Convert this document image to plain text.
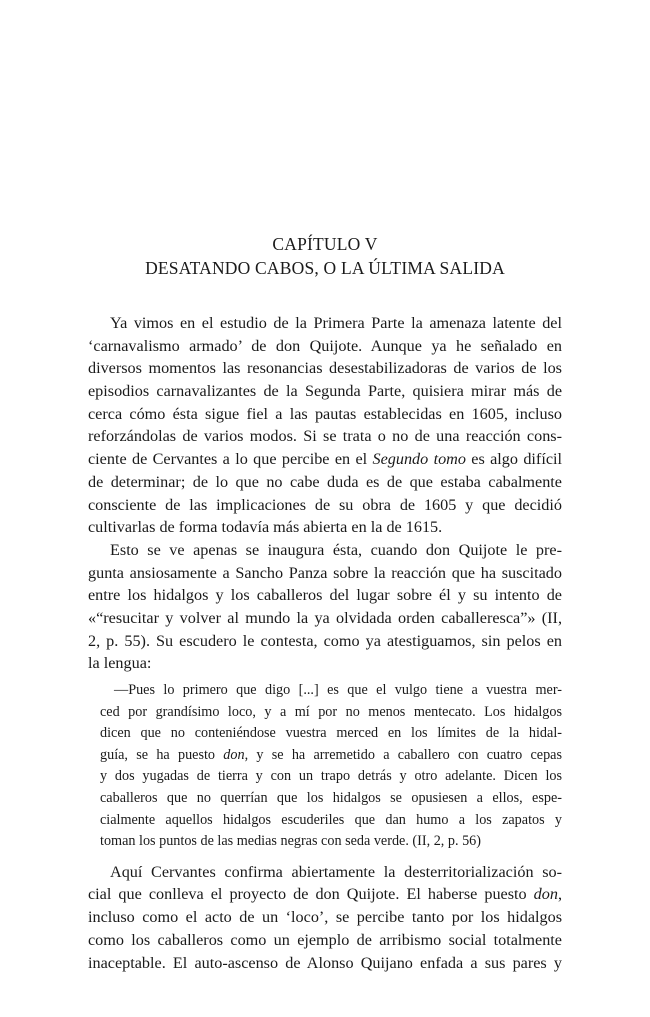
CAPÍTULO V
DESATANDO CABOS, O LA ÚLTIMA SALIDA
Ya vimos en el estudio de la Primera Parte la amenaza latente del
‘carnavalismo armado’ de don Quijote. Aunque ya he señalado en
diversos momentos las resonancias desestabilizadoras de varios de los
episodios carnavalizantes de la Segunda Parte, quisiera mirar más de
cerca cómo ésta sigue fiel a las pautas establecidas en 1605, incluso
reforzándolas de varios modos. Si se trata o no de una reacción cons-
ciente de Cervantes a lo que percibe en el Segundo tomo es algo difícil
de determinar; de lo que no cabe duda es de que estaba cabalmente
consciente de las implicaciones de su obra de 1605 y que decidió
cultivarlas de forma todavía más abierta en la de 1615.
Esto se ve apenas se inaugura ésta, cuando don Quijote le pre-
gunta ansiosamente a Sancho Panza sobre la reacción que ha suscitado
entre los hidalgos y los caballeros del lugar sobre él y su intento de
«“resucitar y volver al mundo la ya olvidada orden caballeresca”» (II,
2, p. 55). Su escudero le contesta, como ya atestiguamos, sin pelos en
la lengua:
—Pues lo primero que digo [...] es que el vulgo tiene a vuestra mer-
ced por grandísimo loco, y a mí por no menos mentecato. Los hidalgos
dicen que no conteniéndose vuestra merced en los límites de la hidal-
guía, se ha puesto don, y se ha arremetido a caballero con cuatro cepas
y dos yugadas de tierra y con un trapo detrás y otro adelante. Dicen los
caballeros que no querrían que los hidalgos se opusiesen a ellos, espe-
cialmente aquellos hidalgos escuderiles que dan humo a los zapatos y
toman los puntos de las medias negras con seda verde. (II, 2, p. 56)
Aquí Cervantes confirma abiertamente la desterritorialización so-
cial que conlleva el proyecto de don Quijote. El haberse puesto don,
incluso como el acto de un ‘loco’, se percibe tanto por los hidalgos
como los caballeros como un ejemplo de arribismo social totalmente
inaceptable. El auto-ascenso de Alonso Quijano enfada a sus pares y
